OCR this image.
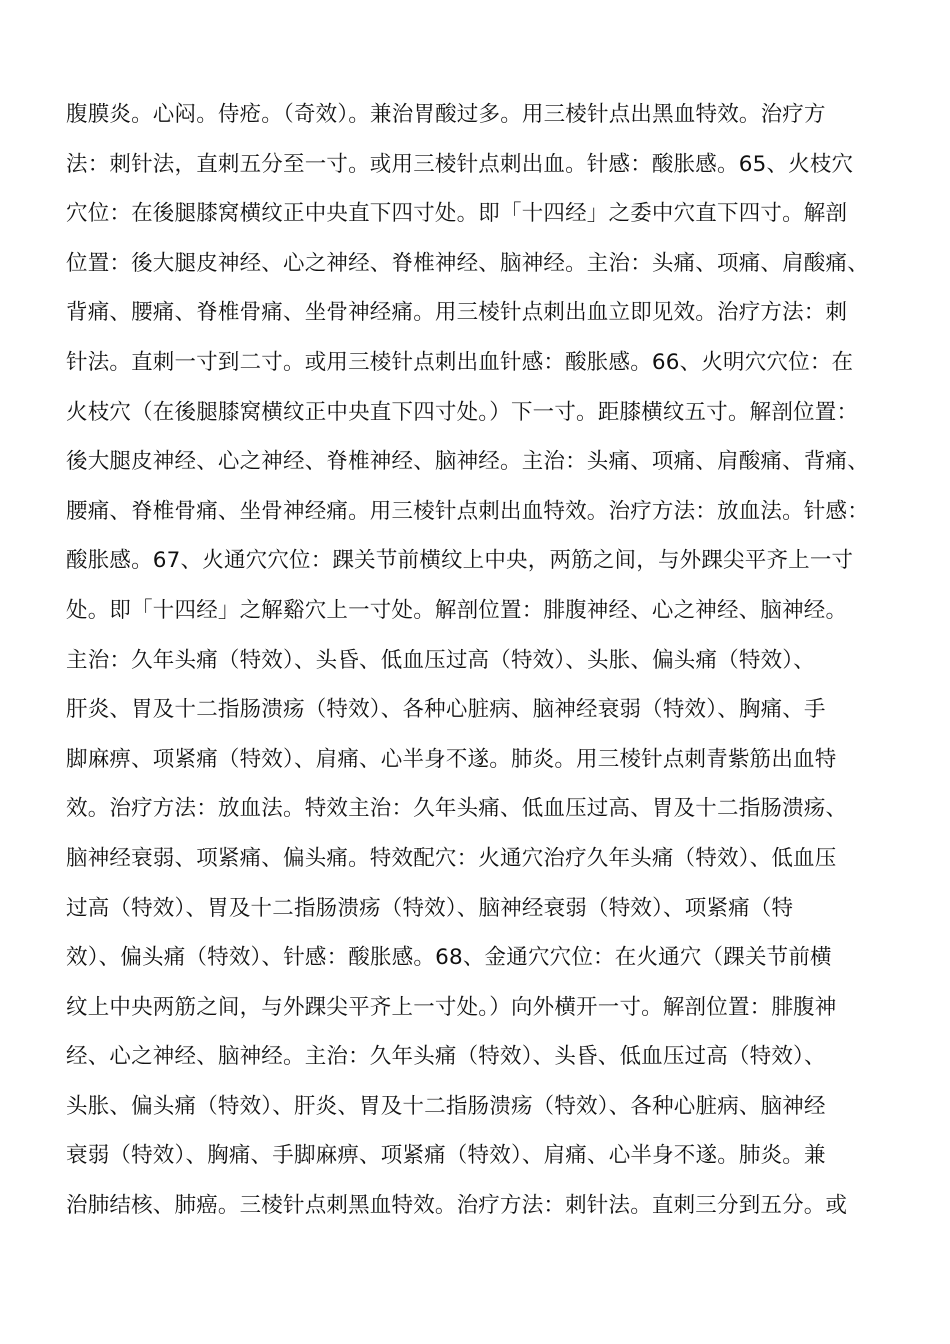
腹膜炎。心闷。侍疮。（奇效）。兼治胃酸过多。用三棱针点出黑血特效。治疗方
法：刺针法，直刺五分至一寸。或用三棱针点刺出血。针感：酸胀感。65、火枝穴
穴位：在後腿膝窝横纹正中央直下四寸处。即「十四经」之委中穴直下四寸。解剖
位置：後大腿皮神经、心之神经、脊椎神经、脑神经。主治：头痛、项痛、肩酸痛、
背痛、腰痛、脊椎骨痛、坐骨神经痛。用三棱针点刺出血立即见效。治疗方法：刺
针法。直刺一寸到二寸。或用三棱针点刺出血针感：酸胀感。66、火明穴穴位：在
火枝穴（在後腿膝窝横纹正中央直下四寸处。）下一寸。距膝横纹五寸。解剖位置：
後大腿皮神经、心之神经、脊椎神经、脑神经。主治：头痛、项痛、肩酸痛、背痛、
腰痛、脊椎骨痛、坐骨神经痛。用三棱针点刺出血特效。治疗方法：放血法。针感：
酸胀感。67、火通穴穴位：踝关节前横纹上中央，两筋之间，与外踝尖平齐上一寸
处。即「十四经」之解谿穴上一寸处。解剖位置：腓腹神经、心之神经、脑神经。
主治：久年头痛（特效）、头昏、低血压过高（特效）、头胀、偏头痛（特效）、
肝炎、胃及十二指肠溃疡（特效）、各种心脏病、脑神经衰弱（特效）、胸痛、手
脚麻痹、项紧痛（特效）、肩痛、心半身不遂。肺炎。用三棱针点刺青紫筋出血特
效。治疗方法：放血法。特效主治：久年头痛、低血压过高、胃及十二指肠溃疡、
脑神经衰弱、项紧痛、偏头痛。特效配穴：火通穴治疗久年头痛（特效）、低血压
过高（特效）、胃及十二指肠溃疡（特效）、脑神经衰弱（特效）、项紧痛（特
效）、偏头痛（特效）、针感：酸胀感。68、金通穴穴位：在火通穴（踝关节前横
纹上中央两筋之间，与外踝尖平齐上一寸处。）向外横开一寸。解剖位置：腓腹神
经、心之神经、脑神经。主治：久年头痛（特效）、头昏、低血压过高（特效）、
头胀、偏头痛（特效）、肝炎、胃及十二指肠溃疡（特效）、各种心脏病、脑神经
衰弱（特效）、胸痛、手脚麻痹、项紧痛（特效）、肩痛、心半身不遂。肺炎。兼
治肺结核、肺癌。三棱针点刺黑血特效。治疗方法：刺针法。直刺三分到五分。或
